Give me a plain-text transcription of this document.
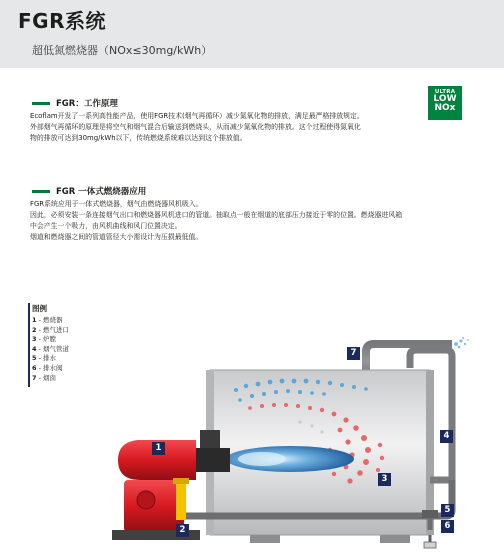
FGR系统
超低氮燃烧器（NOx≤30mg/kWh）
FGR：工作原理
Ecoflam开发了一系列高性能产品，使用FGR技术(烟气再循环）减少氮氧化物的排放，满足最严格排放规定。
外部烟气再循环的原理是将空气和烟气混合后输送到燃烧头，从而减少氮氧化物的排放。这个过程使得氮氧化
物的排放可达到30mg/kWh以下，传统燃烧系统难以达到这个排放值。
ULTRA
LOW
NOx
FGR 一体式燃烧器应用
FGR系统应用于一体式燃烧器，烟气由燃烧器风机吸入。
因此，必须安装一条连接烟气出口和燃烧器风机进口的管道。抽取点一般在烟道的底部压力接近于零的位置。燃烧器进风箱
中会产生一个吸力，由风机曲线和风门位置决定。
烟道和燃烧器之间的管道管径大小需设计为压损最低值。
图例
1 - 燃烧器
2 - 燃气进口
3 - 炉膛
4 - 烟气管道
5 - 排水
6 - 排水阀
7 - 烟囱
1
2
3
4
5
6
7
